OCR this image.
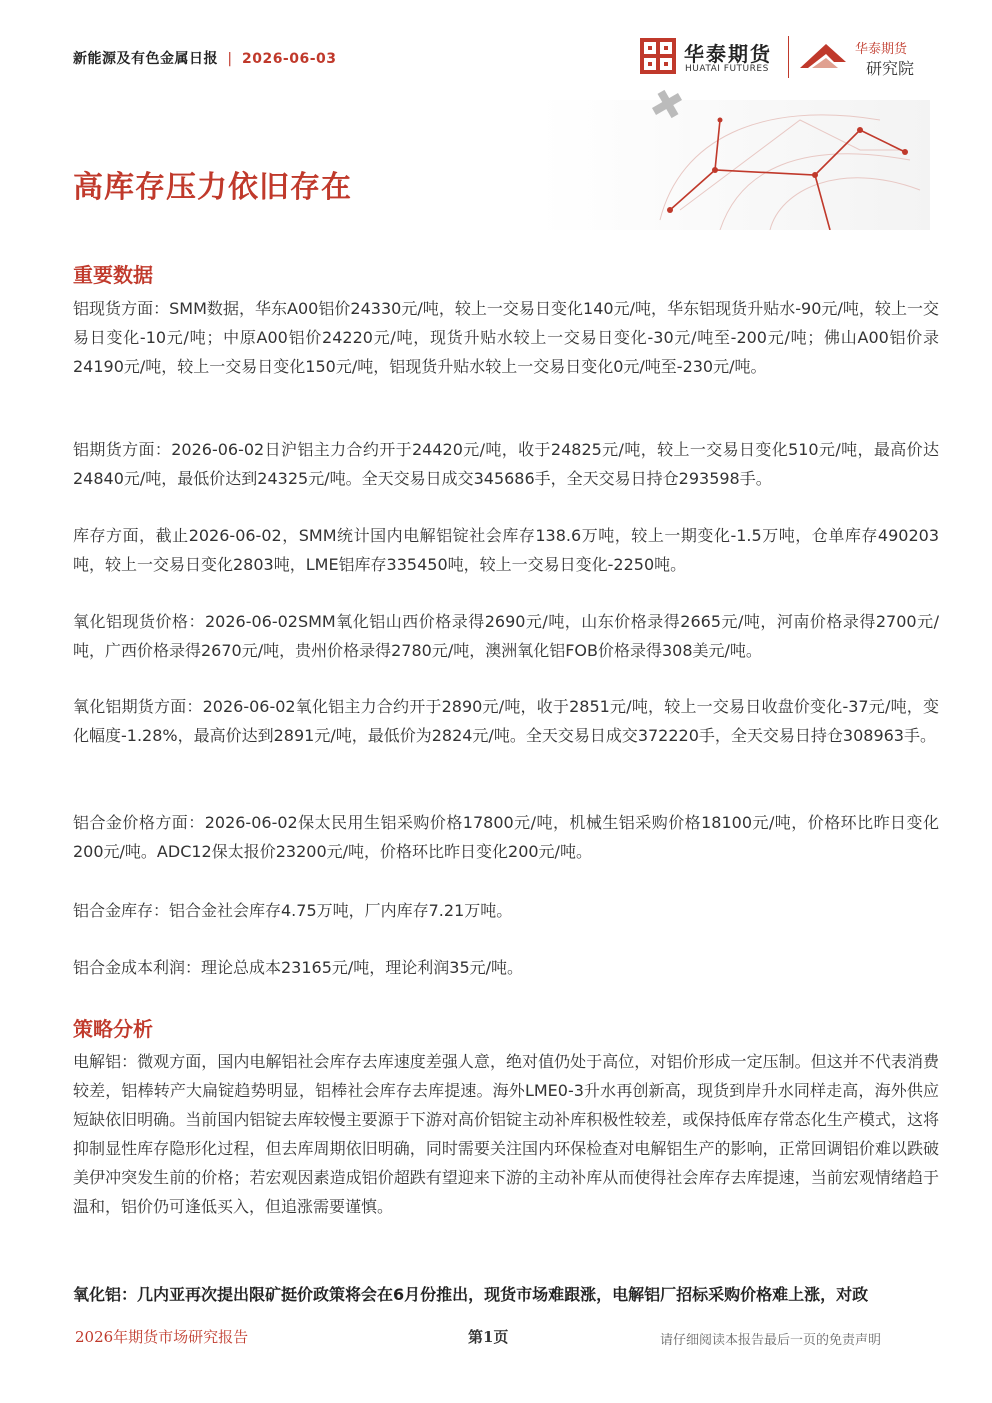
新能源及有色金属日报 | 2026-06-03	华泰期货
HUATAI FUTURES
华泰期货
研究院
高库存压力依旧存在
重要数据
铝现货方面：SMM数据，华东A00铝价24330元/吨，较上一交易日变化140元/吨，华东铝现货升贴水-90元/吨，较上一交易日变化-10元/吨；中原A00铝价24220元/吨，现货升贴水较上一交易日变化-30元/吨至-200元/吨；佛山A00铝价录24190元/吨，较上一交易日变化150元/吨，铝现货升贴水较上一交易日变化0元/吨至-230元/吨。
铝期货方面：2026-06-02日沪铝主力合约开于24420元/吨，收于24825元/吨，较上一交易日变化510元/吨，最高价达24840元/吨，最低价达到24325元/吨。全天交易日成交345686手，全天交易日持仓293598手。
库存方面，截止2026-06-02，SMM统计国内电解铝锭社会库存138.6万吨，较上一期变化-1.5万吨，仓单库存490203吨，较上一交易日变化2803吨，LME铝库存335450吨，较上一交易日变化-2250吨。
氧化铝现货价格：2026-06-02SMM氧化铝山西价格录得2690元/吨，山东价格录得2665元/吨，河南价格录得2700元/吨，广西价格录得2670元/吨，贵州价格录得2780元/吨，澳洲氧化铝FOB价格录得308美元/吨。
氧化铝期货方面：2026-06-02氧化铝主力合约开于2890元/吨，收于2851元/吨，较上一交易日收盘价变化-37元/吨，变化幅度-1.28%，最高价达到2891元/吨，最低价为2824元/吨。全天交易日成交372220手，全天交易日持仓308963手。
铝合金价格方面：2026-06-02保太民用生铝采购价格17800元/吨，机械生铝采购价格18100元/吨，价格环比昨日变化200元/吨。ADC12保太报价23200元/吨，价格环比昨日变化200元/吨。
铝合金库存：铝合金社会库存4.75万吨，厂内库存7.21万吨。
铝合金成本利润：理论总成本23165元/吨，理论利润35元/吨。
策略分析
电解铝：微观方面，国内电解铝社会库存去库速度差强人意，绝对值仍处于高位，对铝价形成一定压制。但这并不代表消费较差，铝棒转产大扁锭趋势明显，铝棒社会库存去库提速。海外LME0-3升水再创新高，现货到岸升水同样走高，海外供应短缺依旧明确。当前国内铝锭去库较慢主要源于下游对高价铝锭主动补库积极性较差，或保持低库存常态化生产模式，这将抑制显性库存隐形化过程，但去库周期依旧明确，同时需要关注国内环保检查对电解铝生产的影响，正常回调铝价难以跌破美伊冲突发生前的价格；若宏观因素造成铝价超跌有望迎来下游的主动补库从而使得社会库存去库提速，当前宏观情绪趋于温和，铝价仍可逢低买入，但追涨需要谨慎。
氧化铝：几内亚再次提出限矿挺价政策将会在6月份推出，现货市场难跟涨，电解铝厂招标采购价格难上涨，对政
2026年期货市场研究报告	第1页	请仔细阅读本报告最后一页的免责声明
